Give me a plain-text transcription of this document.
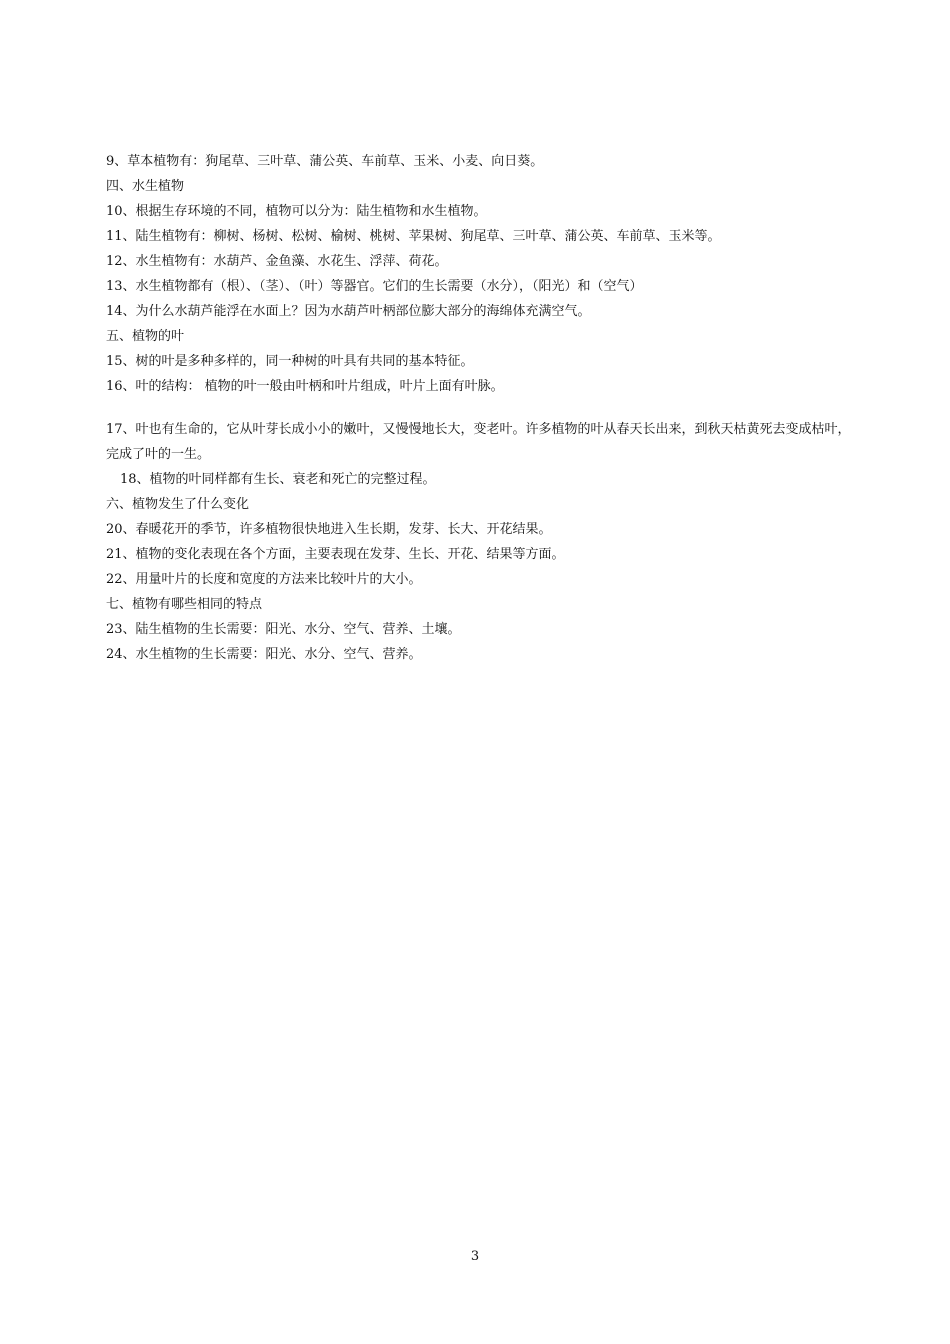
9、草本植物有：狗尾草、三叶草、蒲公英、车前草、玉米、小麦、向日葵。
四、水生植物
10、根据生存环境的不同，植物可以分为：陆生植物和水生植物。
11、陆生植物有：柳树、杨树、松树、榆树、桃树、苹果树、狗尾草、三叶草、蒲公英、车前草、玉米等。
12、水生植物有：水葫芦、金鱼藻、水花生、浮萍、荷花。
13、水生植物都有（根）、（茎）、（叶）等器官。它们的生长需要（水分），（阳光）和（空气）
14、为什么水葫芦能浮在水面上？因为水葫芦叶柄部位膨大部分的海绵体充满空气。
五、植物的叶
15、树的叶是多种多样的，同一种树的叶具有共同的基本特征。
16、叶的结构： 植物的叶一般由叶柄和叶片组成，叶片上面有叶脉。
17、叶也有生命的，它从叶芽长成小小的嫩叶，又慢慢地长大，变老叶。许多植物的叶从春天长出来，到秋天枯黄死去变成枯叶，完成了叶的一生。
18、植物的叶同样都有生长、衰老和死亡的完整过程。
六、植物发生了什么变化
20、春暖花开的季节，许多植物很快地进入生长期，发芽、长大、开花结果。
21、植物的变化表现在各个方面，主要表现在发芽、生长、开花、结果等方面。
22、用量叶片的长度和宽度的方法来比较叶片的大小。
七、植物有哪些相同的特点
23、陆生植物的生长需要：阳光、水分、空气、营养、土壤。
24、水生植物的生长需要：阳光、水分、空气、营养。
3
